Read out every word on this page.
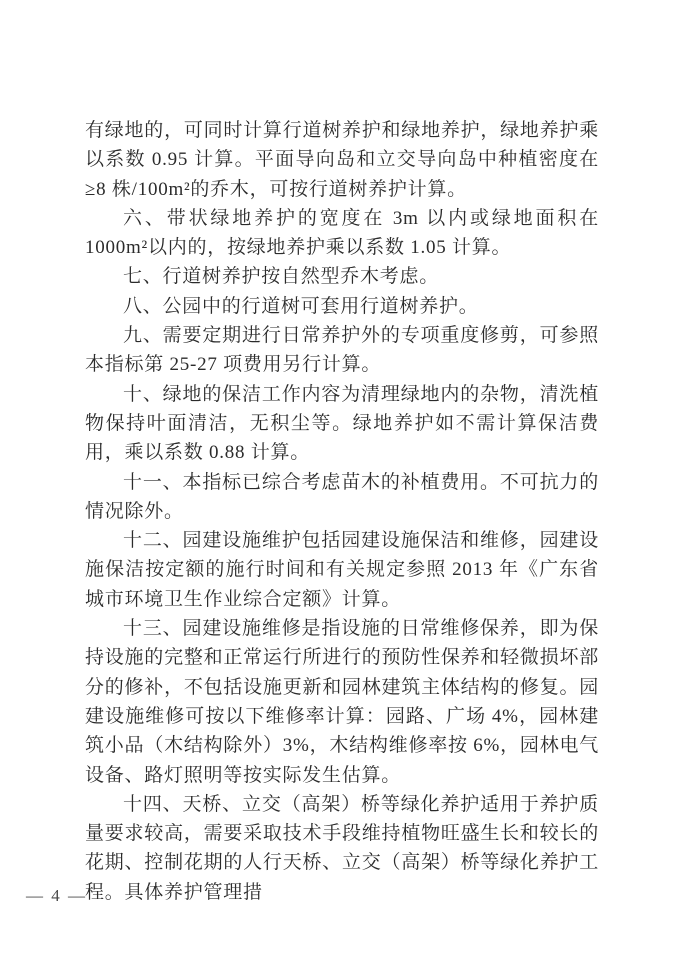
有绿地的，可同时计算行道树养护和绿地养护，绿地养护乘以系数 0.95 计算。平面导向岛和立交导向岛中种植密度在≥8 株/100m²的乔木，可按行道树养护计算。

六、带状绿地养护的宽度在 3m 以内或绿地面积在 1000m²以内的，按绿地养护乘以系数 1.05 计算。

七、行道树养护按自然型乔木考虑。

八、公园中的行道树可套用行道树养护。

九、需要定期进行日常养护外的专项重度修剪，可参照本指标第 25-27 项费用另行计算。

十、绿地的保洁工作内容为清理绿地内的杂物，清洗植物保持叶面清洁，无积尘等。绿地养护如不需计算保洁费用，乘以系数 0.88 计算。

十一、本指标已综合考虑苗木的补植费用。不可抗力的情况除外。

十二、园建设施维护包括园建设施保洁和维修，园建设施保洁按定额的施行时间和有关规定参照 2013 年《广东省城市环境卫生作业综合定额》计算。

十三、园建设施维修是指设施的日常维修保养，即为保持设施的完整和正常运行所进行的预防性保养和轻微损坏部分的修补，不包括设施更新和园林建筑主体结构的修复。园建设施维修可按以下维修率计算：园路、广场 4%，园林建筑小品（木结构除外）3%，木结构维修率按 6%，园林电气设备、路灯照明等按实际发生估算。

十四、天桥、立交（高架）桥等绿化养护适用于养护质量要求较高，需要采取技术手段维持植物旺盛生长和较长的花期、控制花期的人行天桥、立交（高架）桥等绿化养护工程。具体养护管理措

— 4 —
